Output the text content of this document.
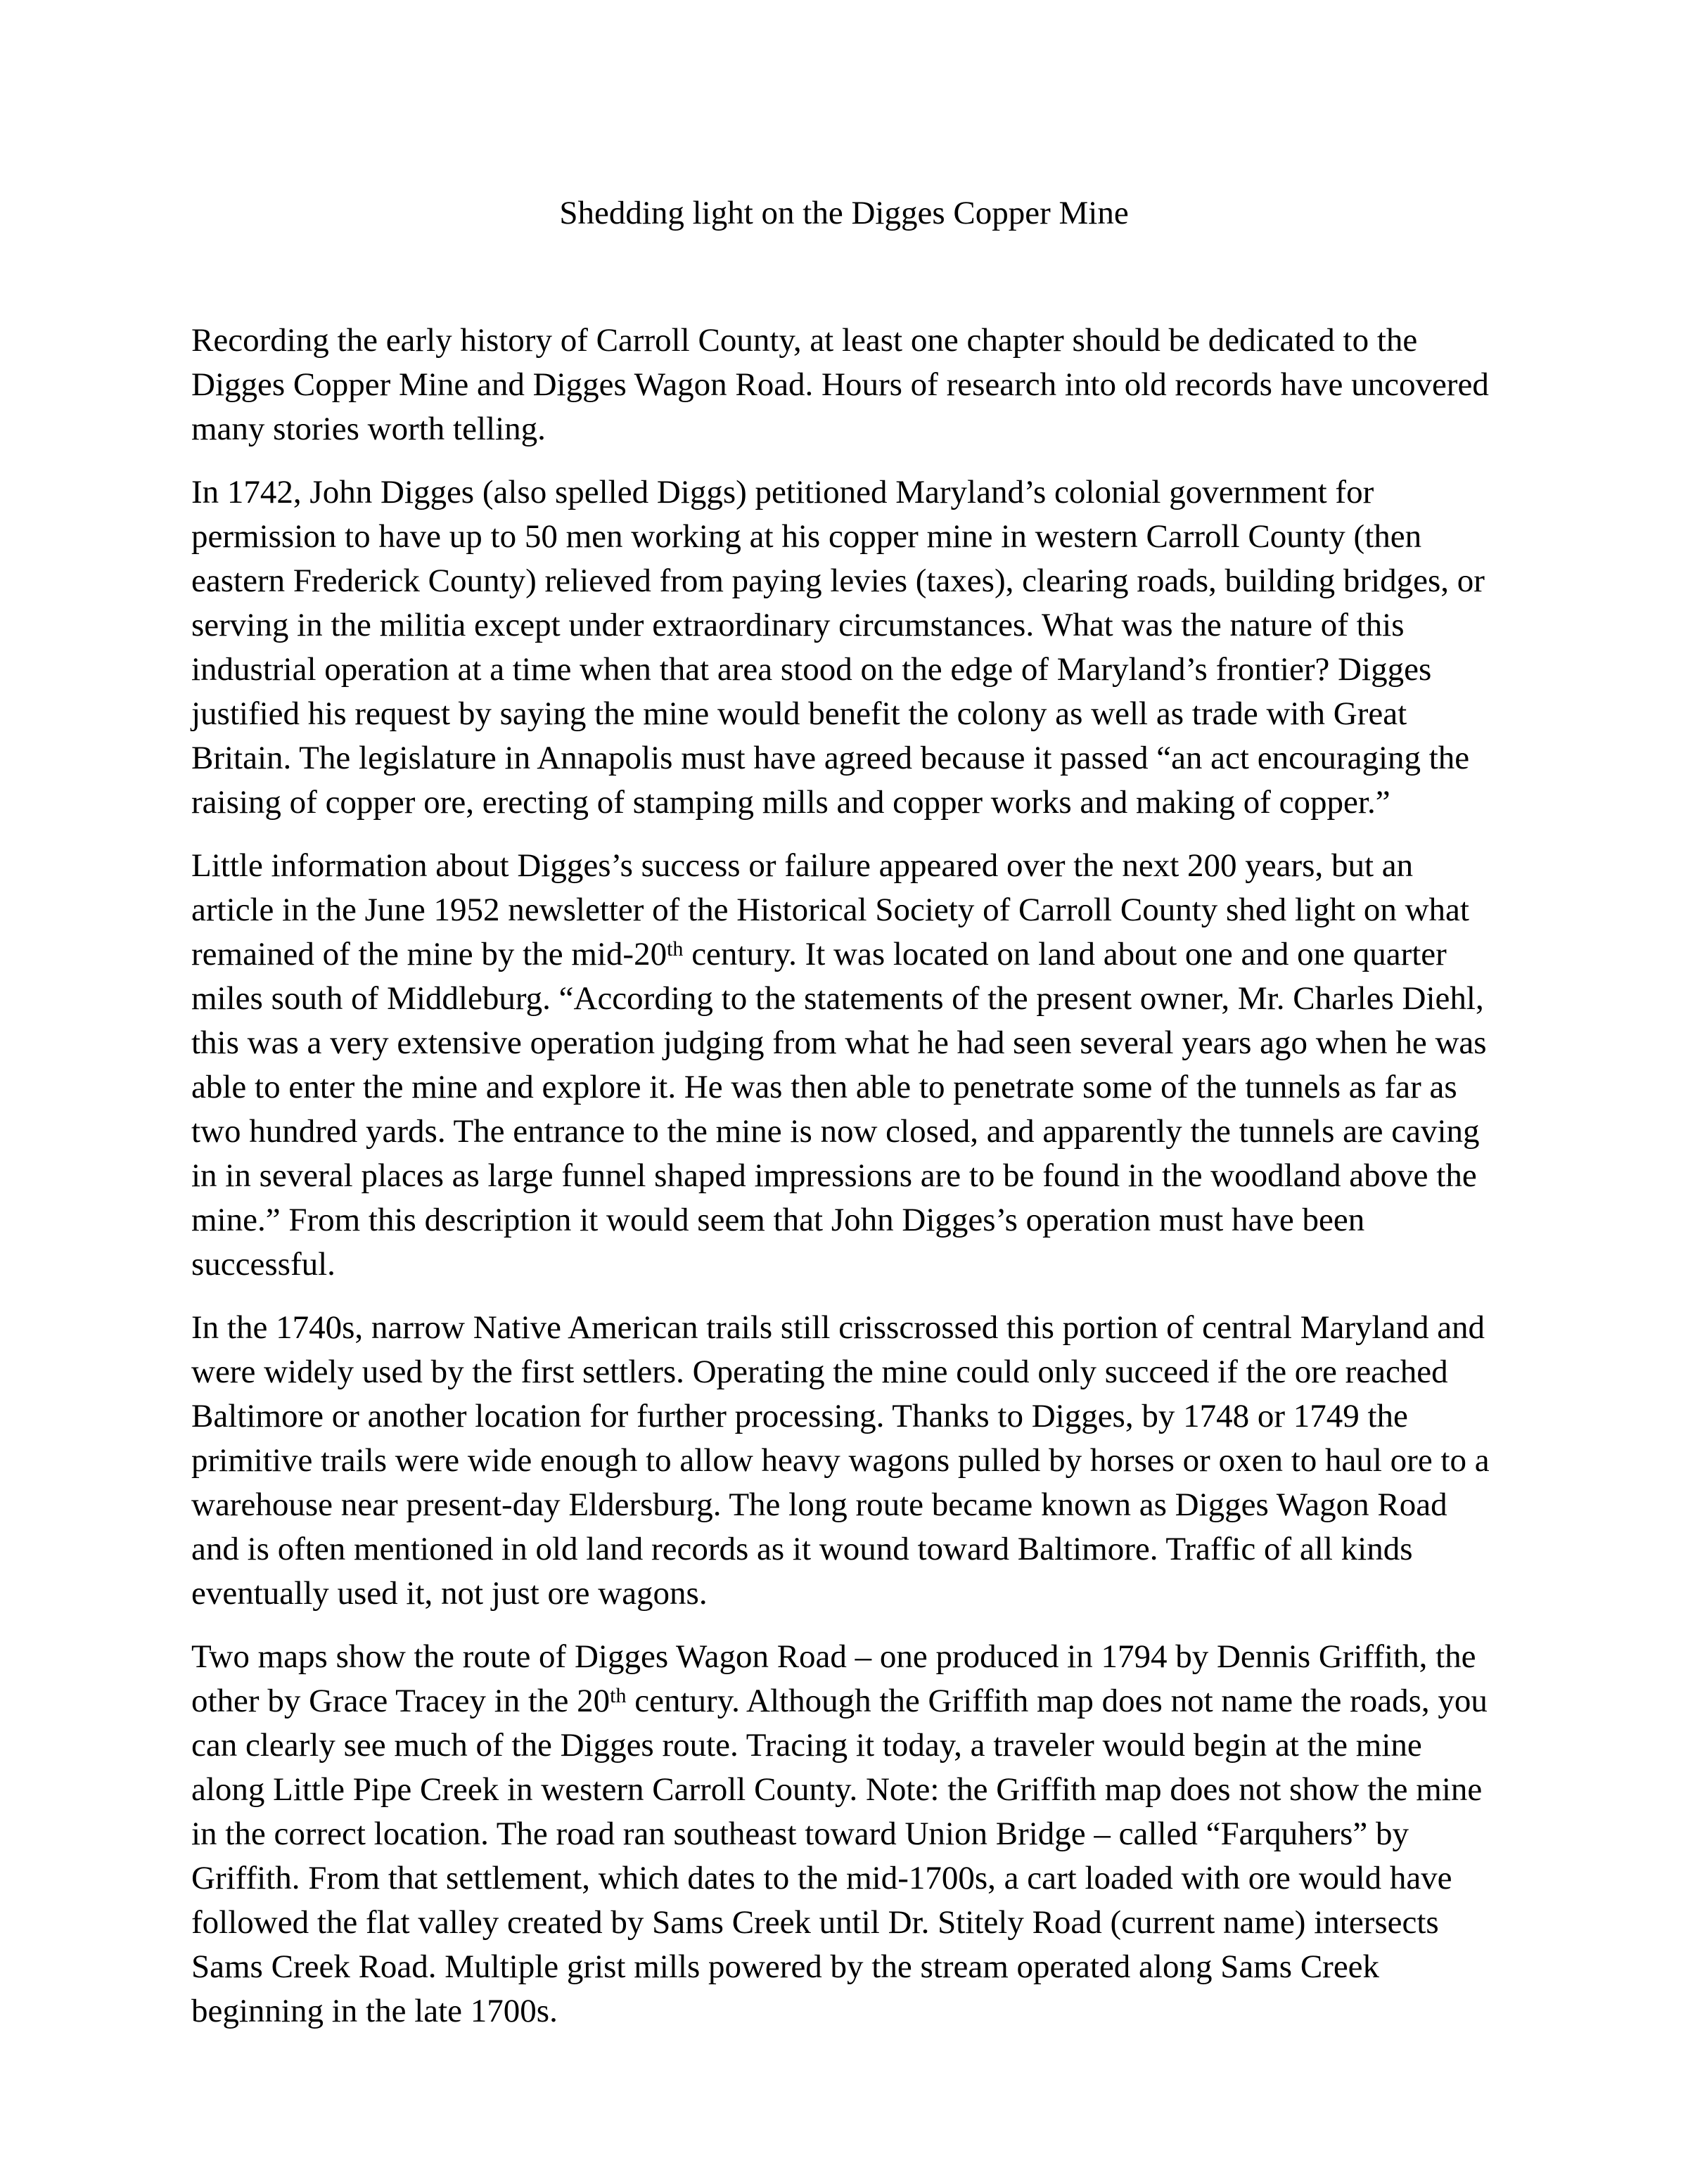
Shedding light on the Digges Copper Mine

Recording the early history of Carroll County, at least one chapter should be dedicated to the Digges Copper Mine and Digges Wagon Road. Hours of research into old records have uncovered many stories worth telling.

In 1742, John Digges (also spelled Diggs) petitioned Maryland’s colonial government for permission to have up to 50 men working at his copper mine in western Carroll County (then eastern Frederick County) relieved from paying levies (taxes), clearing roads, building bridges, or serving in the militia except under extraordinary circumstances. What was the nature of this industrial operation at a time when that area stood on the edge of Maryland’s frontier? Digges justified his request by saying the mine would benefit the colony as well as trade with Great Britain. The legislature in Annapolis must have agreed because it passed “an act encouraging the raising of copper ore, erecting of stamping mills and copper works and making of copper.”

Little information about Digges’s success or failure appeared over the next 200 years, but an article in the June 1952 newsletter of the Historical Society of Carroll County shed light on what remained of the mine by the mid-20th century. It was located on land about one and one quarter miles south of Middleburg. “According to the statements of the present owner, Mr. Charles Diehl, this was a very extensive operation judging from what he had seen several years ago when he was able to enter the mine and explore it. He was then able to penetrate some of the tunnels as far as two hundred yards. The entrance to the mine is now closed, and apparently the tunnels are caving in in several places as large funnel shaped impressions are to be found in the woodland above the mine.” From this description it would seem that John Digges’s operation must have been successful.

In the 1740s, narrow Native American trails still crisscrossed this portion of central Maryland and were widely used by the first settlers. Operating the mine could only succeed if the ore reached Baltimore or another location for further processing. Thanks to Digges, by 1748 or 1749 the primitive trails were wide enough to allow heavy wagons pulled by horses or oxen to haul ore to a warehouse near present-day Eldersburg. The long route became known as Digges Wagon Road and is often mentioned in old land records as it wound toward Baltimore. Traffic of all kinds eventually used it, not just ore wagons.

Two maps show the route of Digges Wagon Road – one produced in 1794 by Dennis Griffith, the other by Grace Tracey in the 20th century. Although the Griffith map does not name the roads, you can clearly see much of the Digges route. Tracing it today, a traveler would begin at the mine along Little Pipe Creek in western Carroll County. Note: the Griffith map does not show the mine in the correct location. The road ran southeast toward Union Bridge – called “Farquhers” by Griffith. From that settlement, which dates to the mid-1700s, a cart loaded with ore would have followed the flat valley created by Sams Creek until Dr. Stitely Road (current name) intersects Sams Creek Road. Multiple grist mills powered by the stream operated along Sams Creek beginning in the late 1700s.
